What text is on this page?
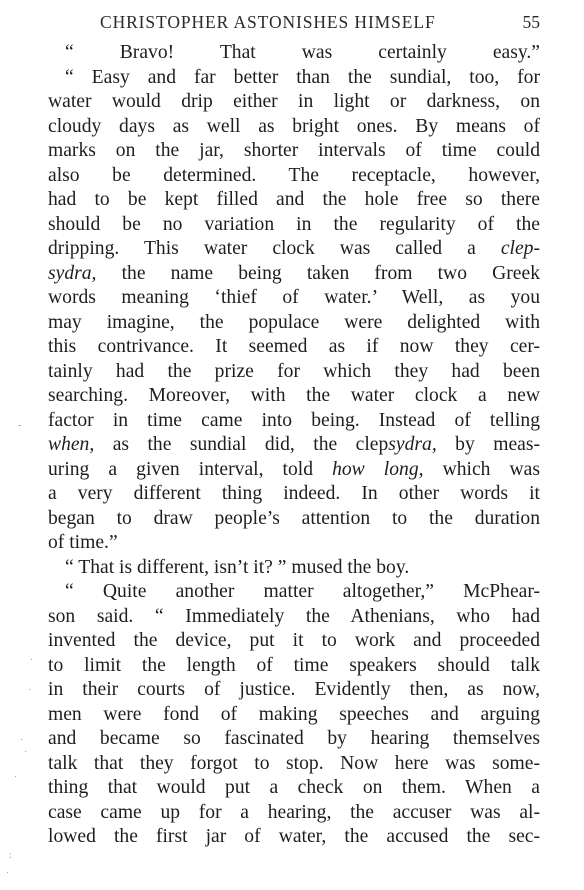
CHRISTOPHER ASTONISHES HIMSELF	55
“ Bravo! That was certainly easy.”
“ Easy and far better than the sundial, too, for
water would drip either in light or darkness, on
cloudy days as well as bright ones. By means of
marks on the jar, shorter intervals of time could
also be determined. The receptacle, however,
had to be kept filled and the hole free so there
should be no variation in the regularity of the
dripping. This water clock was called a clep-
sydra, the name being taken from two Greek
words meaning ‘thief of water.’ Well, as you
may imagine, the populace were delighted with
this contrivance. It seemed as if now they cer-
tainly had the prize for which they had been
searching. Moreover, with the water clock a new
factor in time came into being. Instead of telling
when, as the sundial did, the clepsydra, by meas-
uring a given interval, told how long, which was
a very different thing indeed. In other words it
began to draw people’s attention to the duration
of time.”
“ That is different, isn’t it? ” mused the boy.
“ Quite another matter altogether,” McPhear-
son said. “ Immediately the Athenians, who had
invented the device, put it to work and proceeded
to limit the length of time speakers should talk
in their courts of justice. Evidently then, as now,
men were fond of making speeches and arguing
and became so fascinated by hearing themselves
talk that they forgot to stop. Now here was some-
thing that would put a check on them. When a
case came up for a hearing, the accuser was al-
lowed the first jar of water, the accused the sec-
-
·
˙
·
˙
·
:
·
